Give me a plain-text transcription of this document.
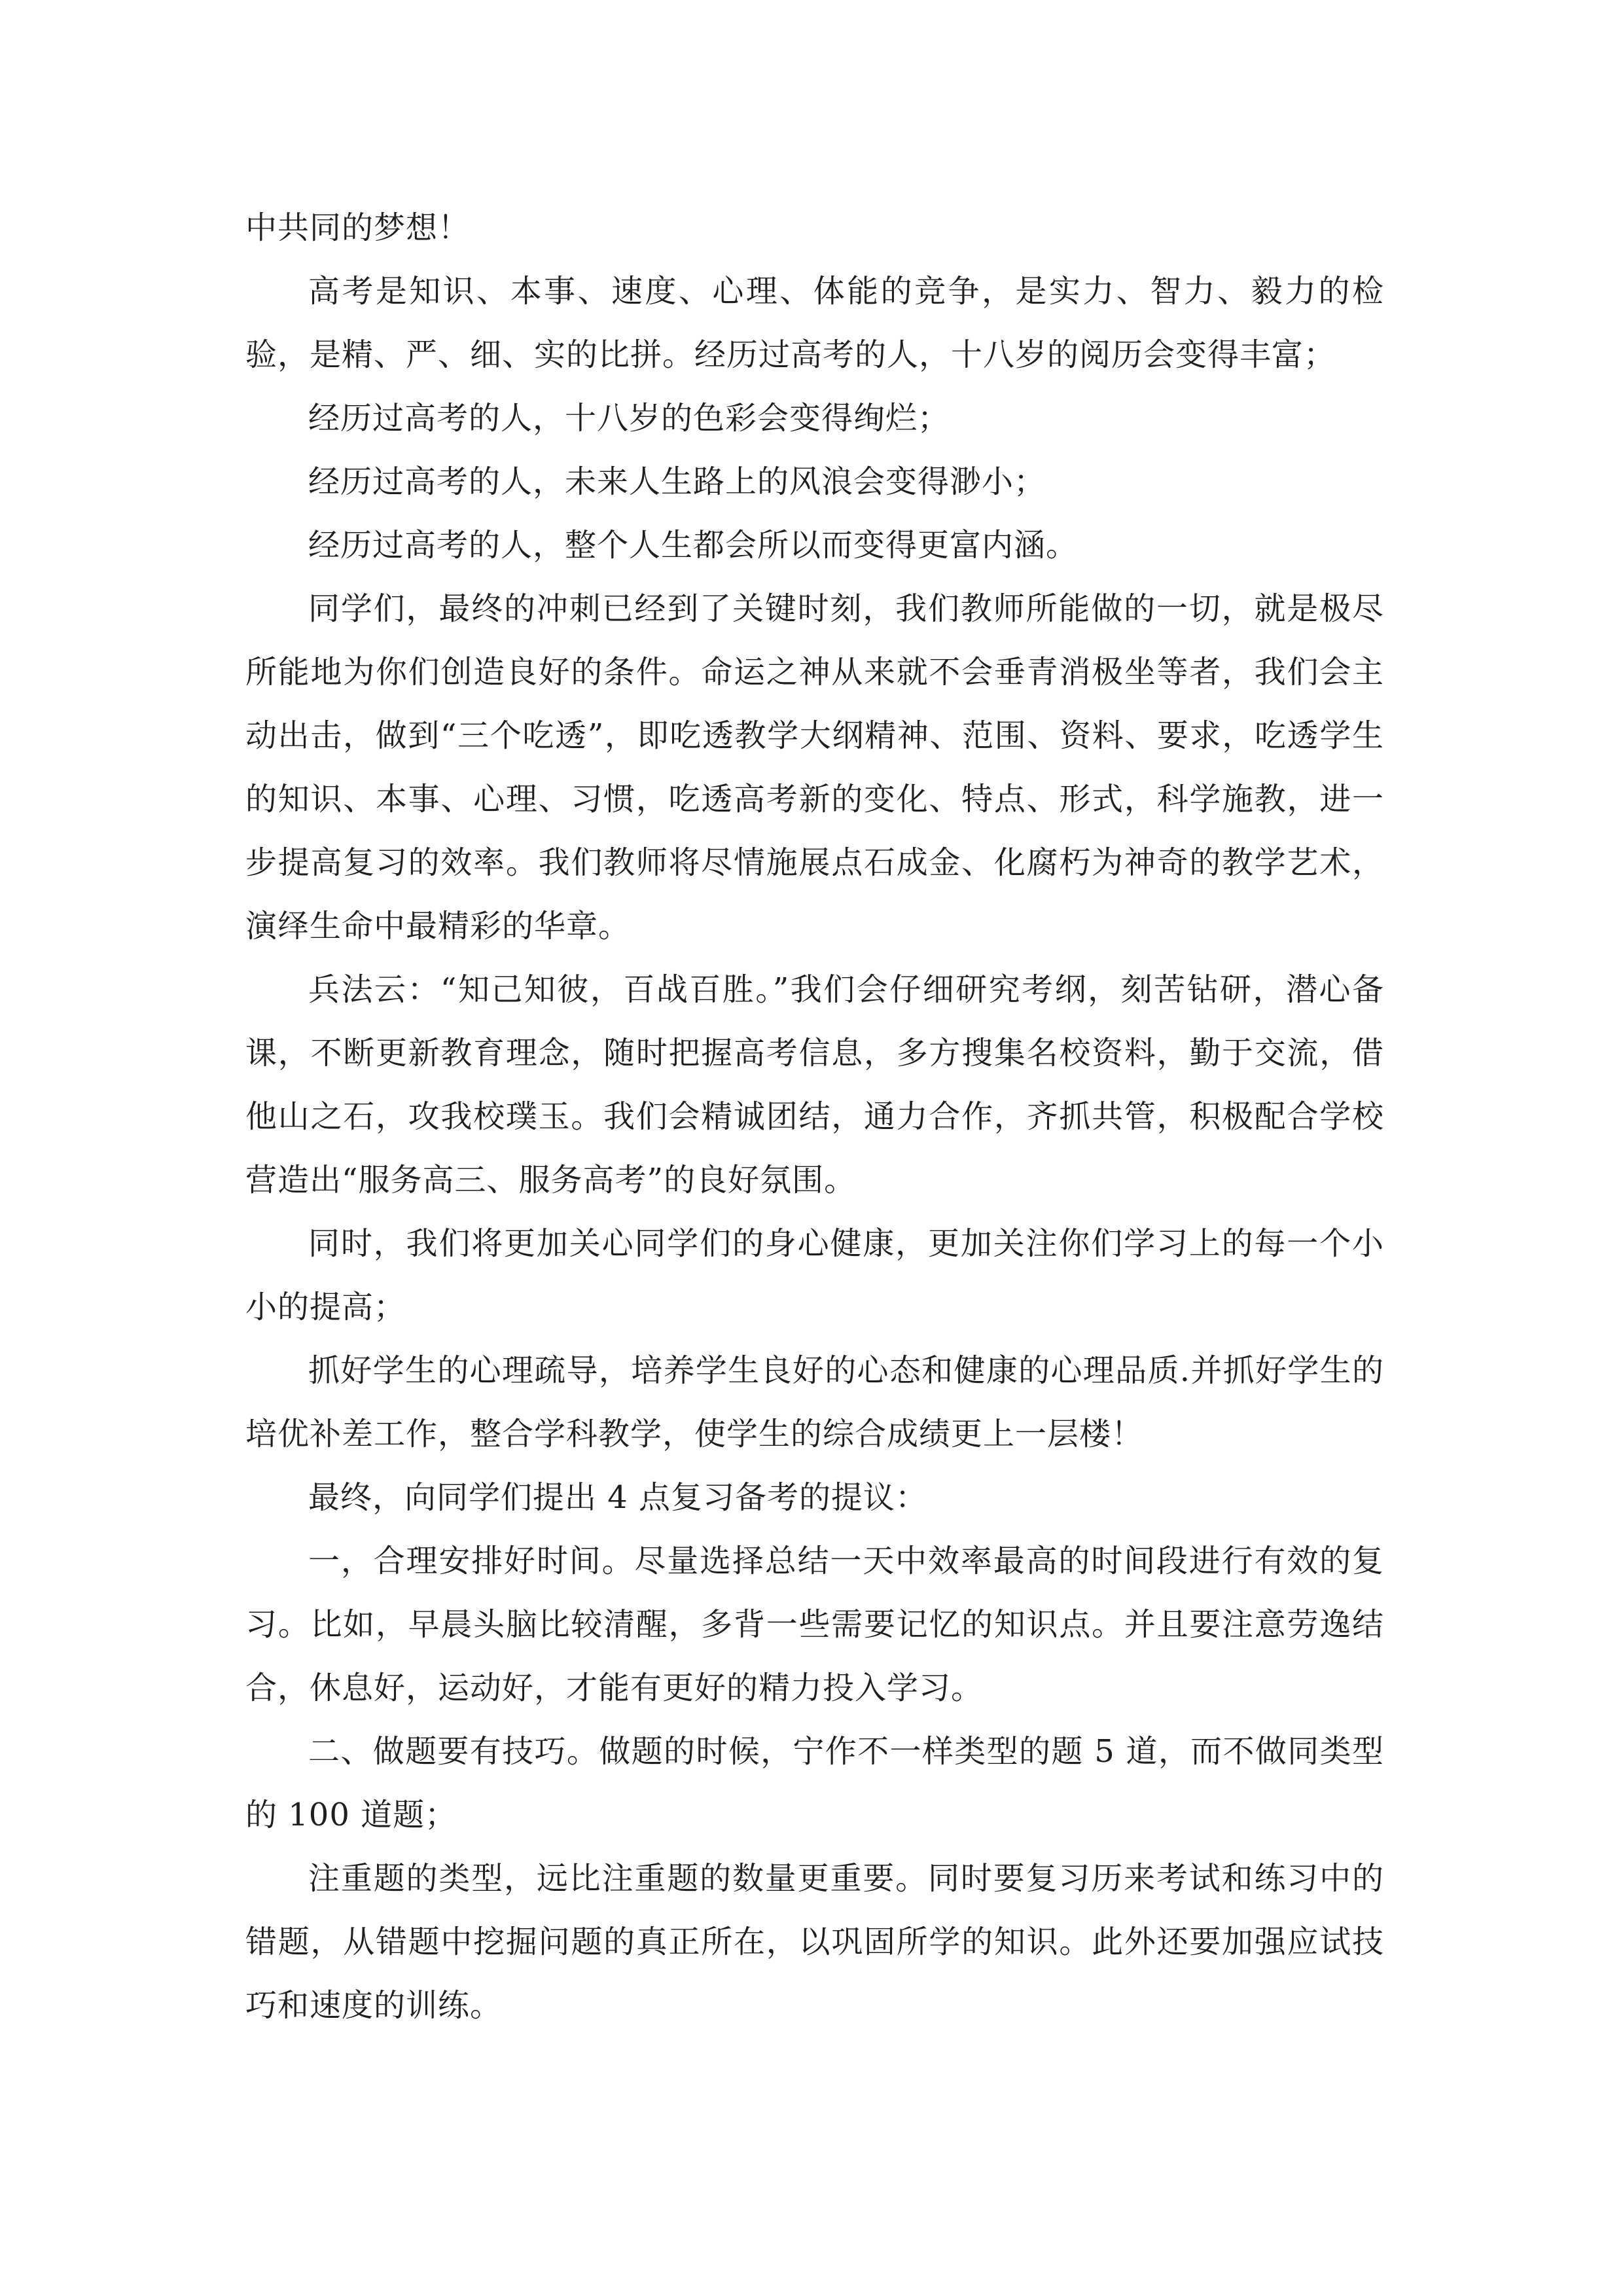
中共同的梦想！

高考是知识、本事、速度、心理、体能的竞争，是实力、智力、毅力的检验，是精、严、细、实的比拼。经历过高考的人，十八岁的阅历会变得丰富；

经历过高考的人，十八岁的色彩会变得绚烂；

经历过高考的人，未来人生路上的风浪会变得渺小；

经历过高考的人，整个人生都会所以而变得更富内涵。

同学们，最终的冲刺已经到了关键时刻，我们教师所能做的一切，就是极尽所能地为你们创造良好的条件。命运之神从来就不会垂青消极坐等者，我们会主动出击，做到“三个吃透”，即吃透教学大纲精神、范围、资料、要求，吃透学生的知识、本事、心理、习惯，吃透高考新的变化、特点、形式，科学施教，进一步提高复习的效率。我们教师将尽情施展点石成金、化腐朽为神奇的教学艺术，演绎生命中最精彩的华章。

兵法云：“知己知彼，百战百胜。”我们会仔细研究考纲，刻苦钻研，潜心备课，不断更新教育理念，随时把握高考信息，多方搜集名校资料，勤于交流，借他山之石，攻我校璞玉。我们会精诚团结，通力合作，齐抓共管，积极配合学校营造出“服务高三、服务高考”的良好氛围。

同时，我们将更加关心同学们的身心健康，更加关注你们学习上的每一个小小的提高；

抓好学生的心理疏导，培养学生良好的心态和健康的心理品质.并抓好学生的培优补差工作，整合学科教学，使学生的综合成绩更上一层楼！

最终，向同学们提出 4 点复习备考的提议：

一，合理安排好时间。尽量选择总结一天中效率最高的时间段进行有效的复习。比如，早晨头脑比较清醒，多背一些需要记忆的知识点。并且要注意劳逸结合，休息好，运动好，才能有更好的精力投入学习。

二、做题要有技巧。做题的时候，宁作不一样类型的题 5 道，而不做同类型的 100 道题；

注重题的类型，远比注重题的数量更重要。同时要复习历来考试和练习中的错题，从错题中挖掘问题的真正所在，以巩固所学的知识。此外还要加强应试技巧和速度的训练。
